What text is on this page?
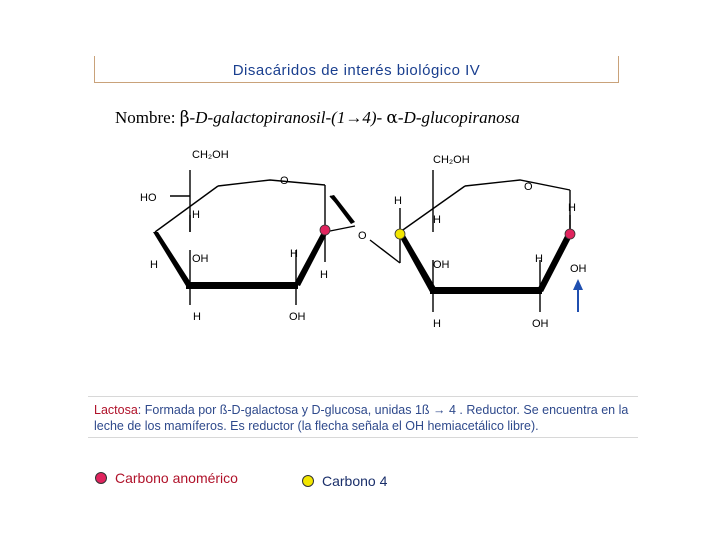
Disacáridos de interés biológico IV
Nombre: β-D-galactopiranosil-(1→4)- α-D-glucopiranosa
CH₂OH
O
HO
H
H	OH	H
H
H	OH
O
H
CH₂OH
O
H
H
OH	H
OH
H	OH
Lactosa: Formada por ß-D-galactosa y D-glucosa, unidas 1ß → 4 . Reductor. Se encuentra en la leche de los mamíferos. Es reductor (la flecha señala el OH hemiacetálico libre).
Carbono anomérico	Carbono 4
